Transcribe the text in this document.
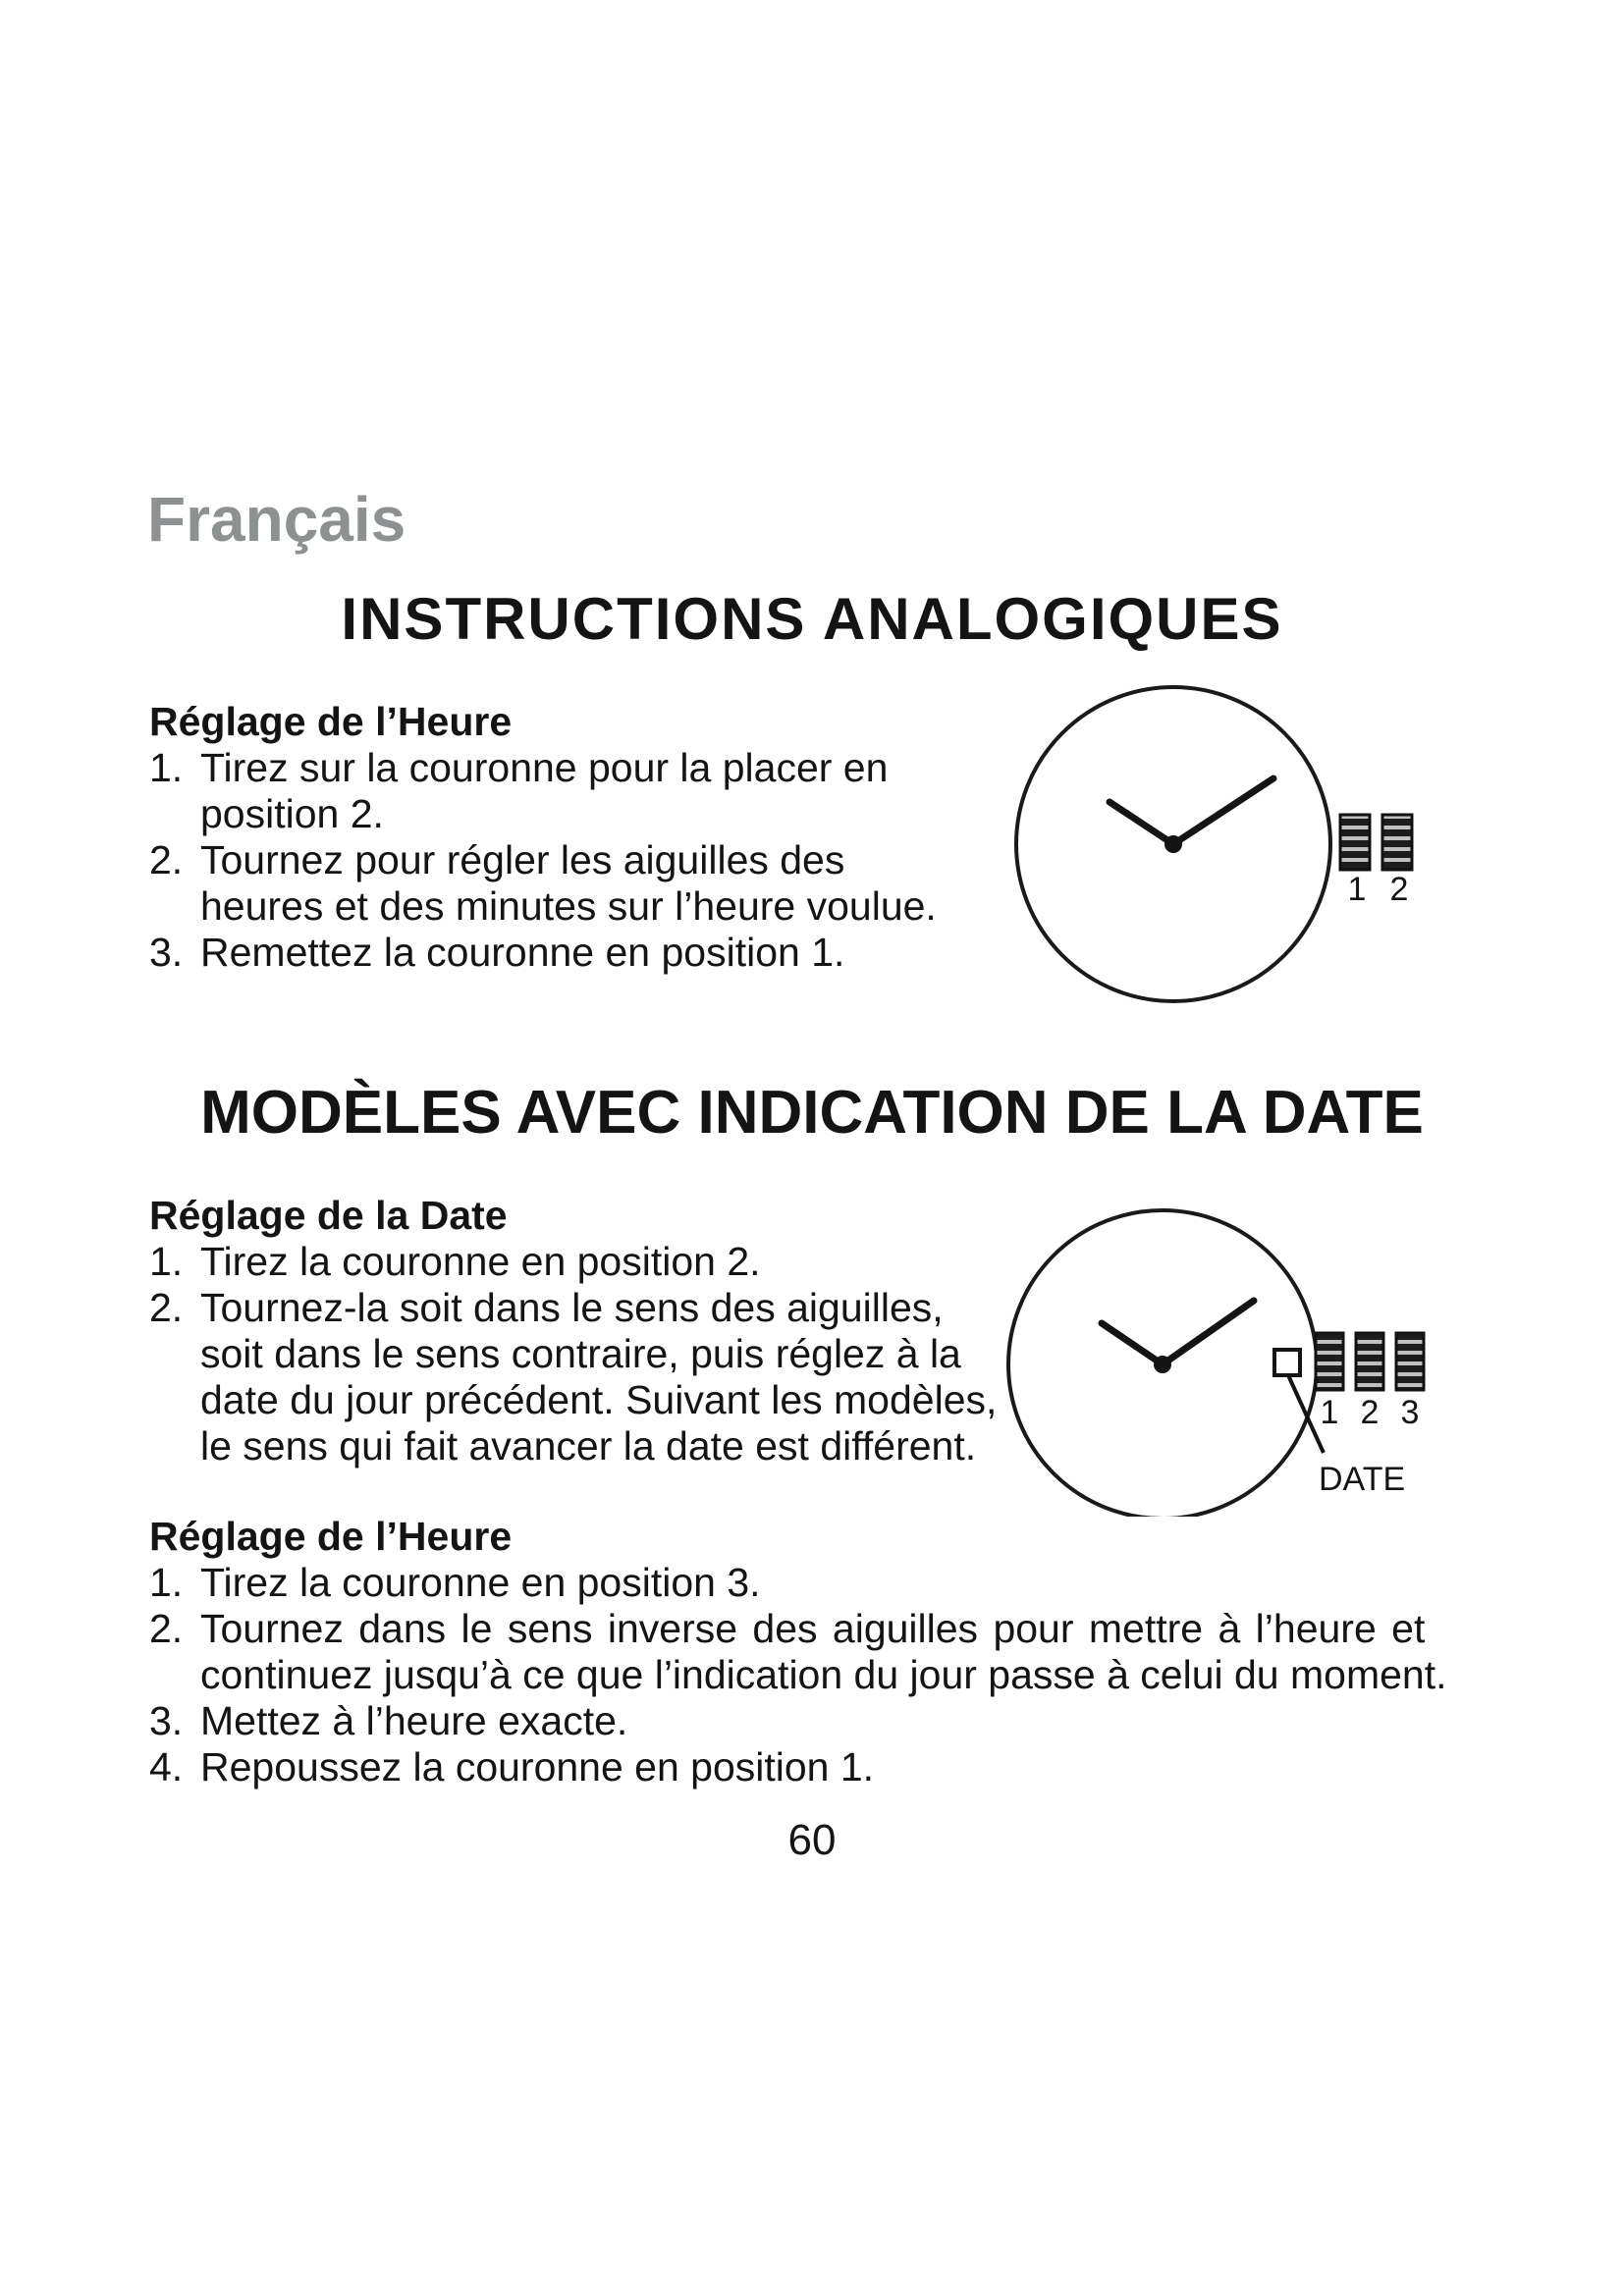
Français
INSTRUCTIONS ANALOGIQUES
Réglage de l’Heure
1. Tirez sur la couronne pour la placer en
position 2.
2. Tournez pour régler les aiguilles des
heures et des minutes sur l’heure voulue.
3. Remettez la couronne en position 1.
1 2
MODÈLES AVEC INDICATION DE LA DATE
Réglage de la Date
1. Tirez la couronne en position 2.
2. Tournez-la soit dans le sens des aiguilles,
soit dans le sens contraire, puis réglez à la
date du jour précédent. Suivant les modèles,
le sens qui fait avancer la date est différent.
1 2 3
DATE
Réglage de l’Heure
1. Tirez la couronne en position 3.
2. Tournez dans le sens inverse des aiguilles pour mettre à l’heure et
continuez jusqu’à ce que l’indication du jour passe à celui du moment.
3. Mettez à l’heure exacte.
4. Repoussez la couronne en position 1.
60
